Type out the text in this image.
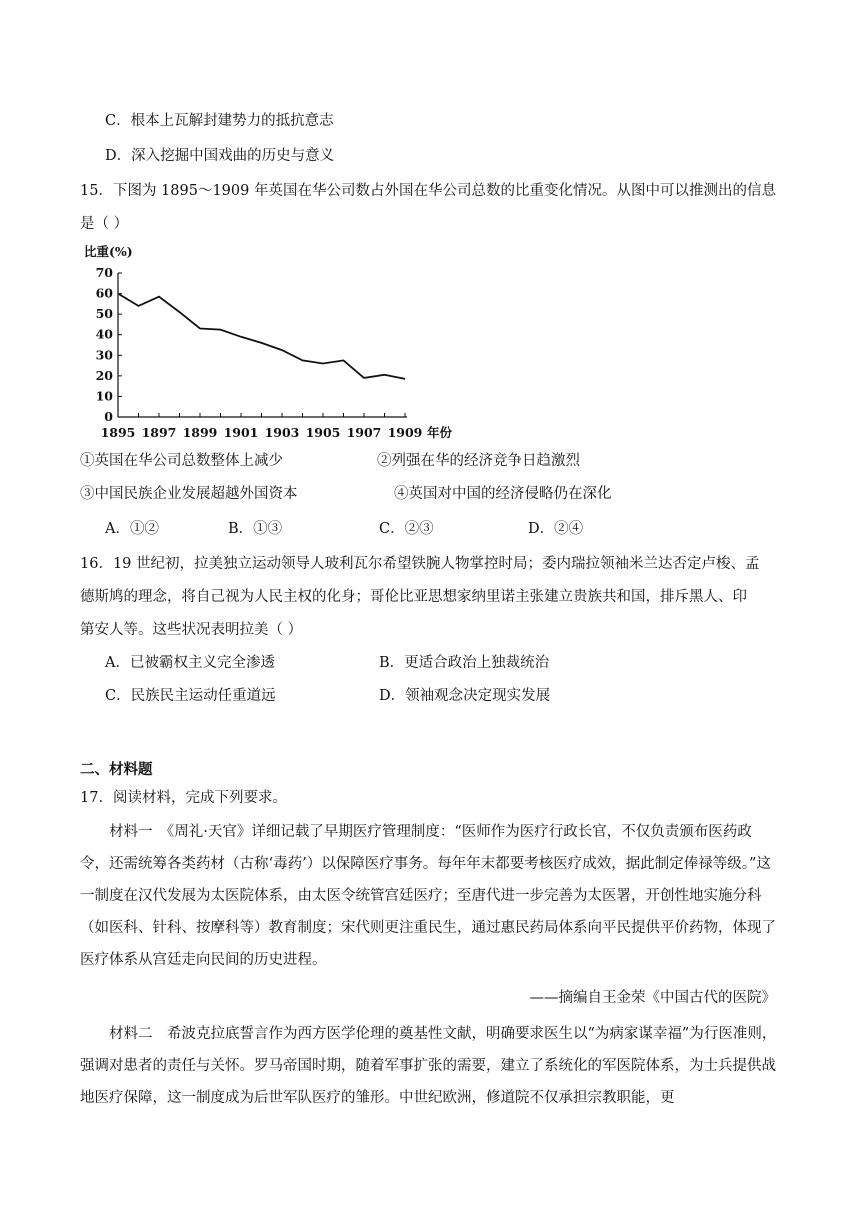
C．根本上瓦解封建势力的抵抗意志
D．深入挖掘中国戏曲的历史与意义
15．下图为 1895～1909 年英国在华公司数占外国在华公司总数的比重变化情况。从图中可以推测出的信息
是（ ）
比重(%)
0
10
20
30
40
50
60
70
1895 1897 1899 1901 1903 1905 1907 1909 年份
①英国在华公司总数整体上减少	②列强在华的经济竞争日趋激烈
③中国民族企业发展超越外国资本	④英国对中国的经济侵略仍在深化
A．①②	B．①③	C．②③	D．②④
16．19 世纪初，拉美独立运动领导人玻利瓦尔希望铁腕人物掌控时局；委内瑞拉领袖米兰达否定卢梭、孟
德斯鸠的理念，将自己视为人民主权的化身；哥伦比亚思想家纳里诺主张建立贵族共和国，排斥黑人、印
第安人等。这些状况表明拉美（ ）
A．已被霸权主义完全渗透	B．更适合政治上独裁统治
C．民族民主运动任重道远	D．领袖观念决定现实发展
二、材料题
17．阅读材料，完成下列要求。
材料一　《周礼·天官》详细记载了早期医疗管理制度：“医师作为医疗行政长官，不仅负责颁布医药政令，还需统筹各类药材（古称‘毒药’）以保障医疗事务。每年年末都要考核医疗成效，据此制定俸禄等级。”这一制度在汉代发展为太医院体系，由太医令统管宫廷医疗；至唐代进一步完善为太医署，开创性地实施分科（如医科、针科、按摩科等）教育制度；宋代则更注重民生，通过惠民药局体系向平民提供平价药物，体现了医疗体系从宫廷走向民间的历史进程。
——摘编自王金荣《中国古代的医院》
材料二　希波克拉底誓言作为西方医学伦理的奠基性文献，明确要求医生以“为病家谋幸福”为行医准则，强调对患者的责任与关怀。罗马帝国时期，随着军事扩张的需要，建立了系统化的军医院体系，为士兵提供战地医疗保障，这一制度成为后世军队医疗的雏形。中世纪欧洲，修道院不仅承担宗教职能，更
